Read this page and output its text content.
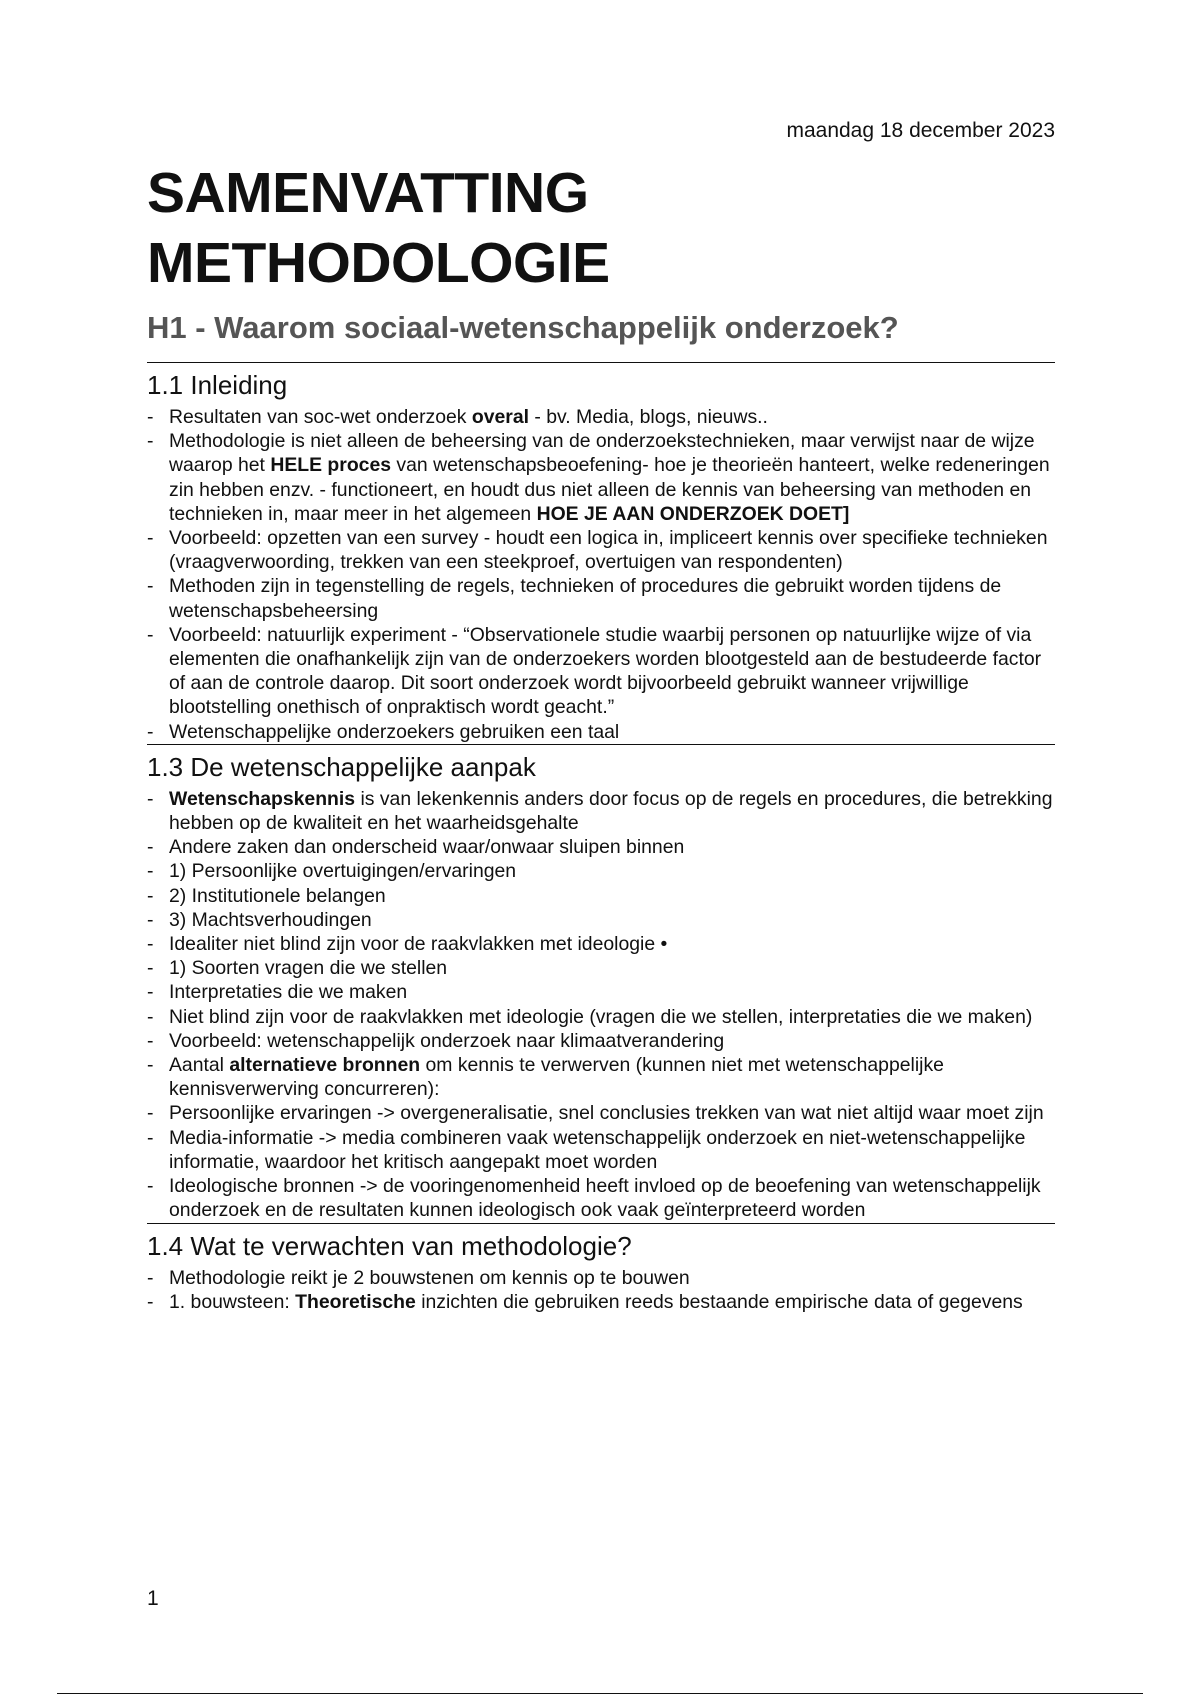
maandag 18 december 2023

SAMENVATTING
METHODOLOGIE
H1 - Waarom sociaal-wetenschappelijk onderzoek?
1.1 Inleiding
- Resultaten van soc-wet onderzoek overal - bv. Media, blogs, nieuws..
- Methodologie is niet alleen de beheersing van de onderzoekstechnieken, maar verwijst naar de wijze waarop het HELE proces van wetenschapsbeoefening- hoe je theorieën hanteert, welke redeneringen zin hebben enzv. - functioneert, en houdt dus niet alleen de kennis van beheersing van methoden en technieken in, maar meer in het algemeen HOE JE AAN ONDERZOEK DOET]
- Voorbeeld: opzetten van een survey - houdt een logica in, impliceert kennis over specifieke technieken (vraagverwoording, trekken van een steekproef, overtuigen van respondenten)
- Methoden zijn in tegenstelling de regels, technieken of procedures die gebruikt worden tijdens de wetenschapsbeheersing
- Voorbeeld: natuurlijk experiment - “Observationele studie waarbij personen op natuurlijke wijze of via elementen die onafhankelijk zijn van de onderzoekers worden blootgesteld aan de bestudeerde factor of aan de controle daarop. Dit soort onderzoek wordt bijvoorbeeld gebruikt wanneer vrijwillige blootstelling onethisch of onpraktisch wordt geacht.”
- Wetenschappelijke onderzoekers gebruiken een taal
1.3 De wetenschappelijke aanpak
- Wetenschapskennis is van lekenkennis anders door focus op de regels en procedures, die betrekking hebben op de kwaliteit en het waarheidsgehalte
- Andere zaken dan onderscheid waar/onwaar sluipen binnen
- 1) Persoonlijke overtuigingen/ervaringen
- 2) Institutionele belangen
- 3) Machtsverhoudingen
- Idealiter niet blind zijn voor de raakvlakken met ideologie •
- 1) Soorten vragen die we stellen
- Interpretaties die we maken
- Niet blind zijn voor de raakvlakken met ideologie (vragen die we stellen, interpretaties die we maken)
- Voorbeeld: wetenschappelijk onderzoek naar klimaatverandering
- Aantal alternatieve bronnen om kennis te verwerven (kunnen niet met wetenschappelijke kennisverwerving concurreren):
- Persoonlijke ervaringen -> overgeneralisatie, snel conclusies trekken van wat niet altijd waar moet zijn
- Media-informatie -> media combineren vaak wetenschappelijk onderzoek en niet-wetenschappelijke informatie, waardoor het kritisch aangepakt moet worden
- Ideologische bronnen -> de vooringenomenheid heeft invloed op de beoefening van wetenschappelijk onderzoek en de resultaten kunnen ideologisch ook vaak geïnterpreteerd worden
1.4 Wat te verwachten van methodologie?
- Methodologie reikt je 2 bouwstenen om kennis op te bouwen
- 1. bouwsteen: Theoretische inzichten die gebruiken reeds bestaande empirische data of gegevens
1
